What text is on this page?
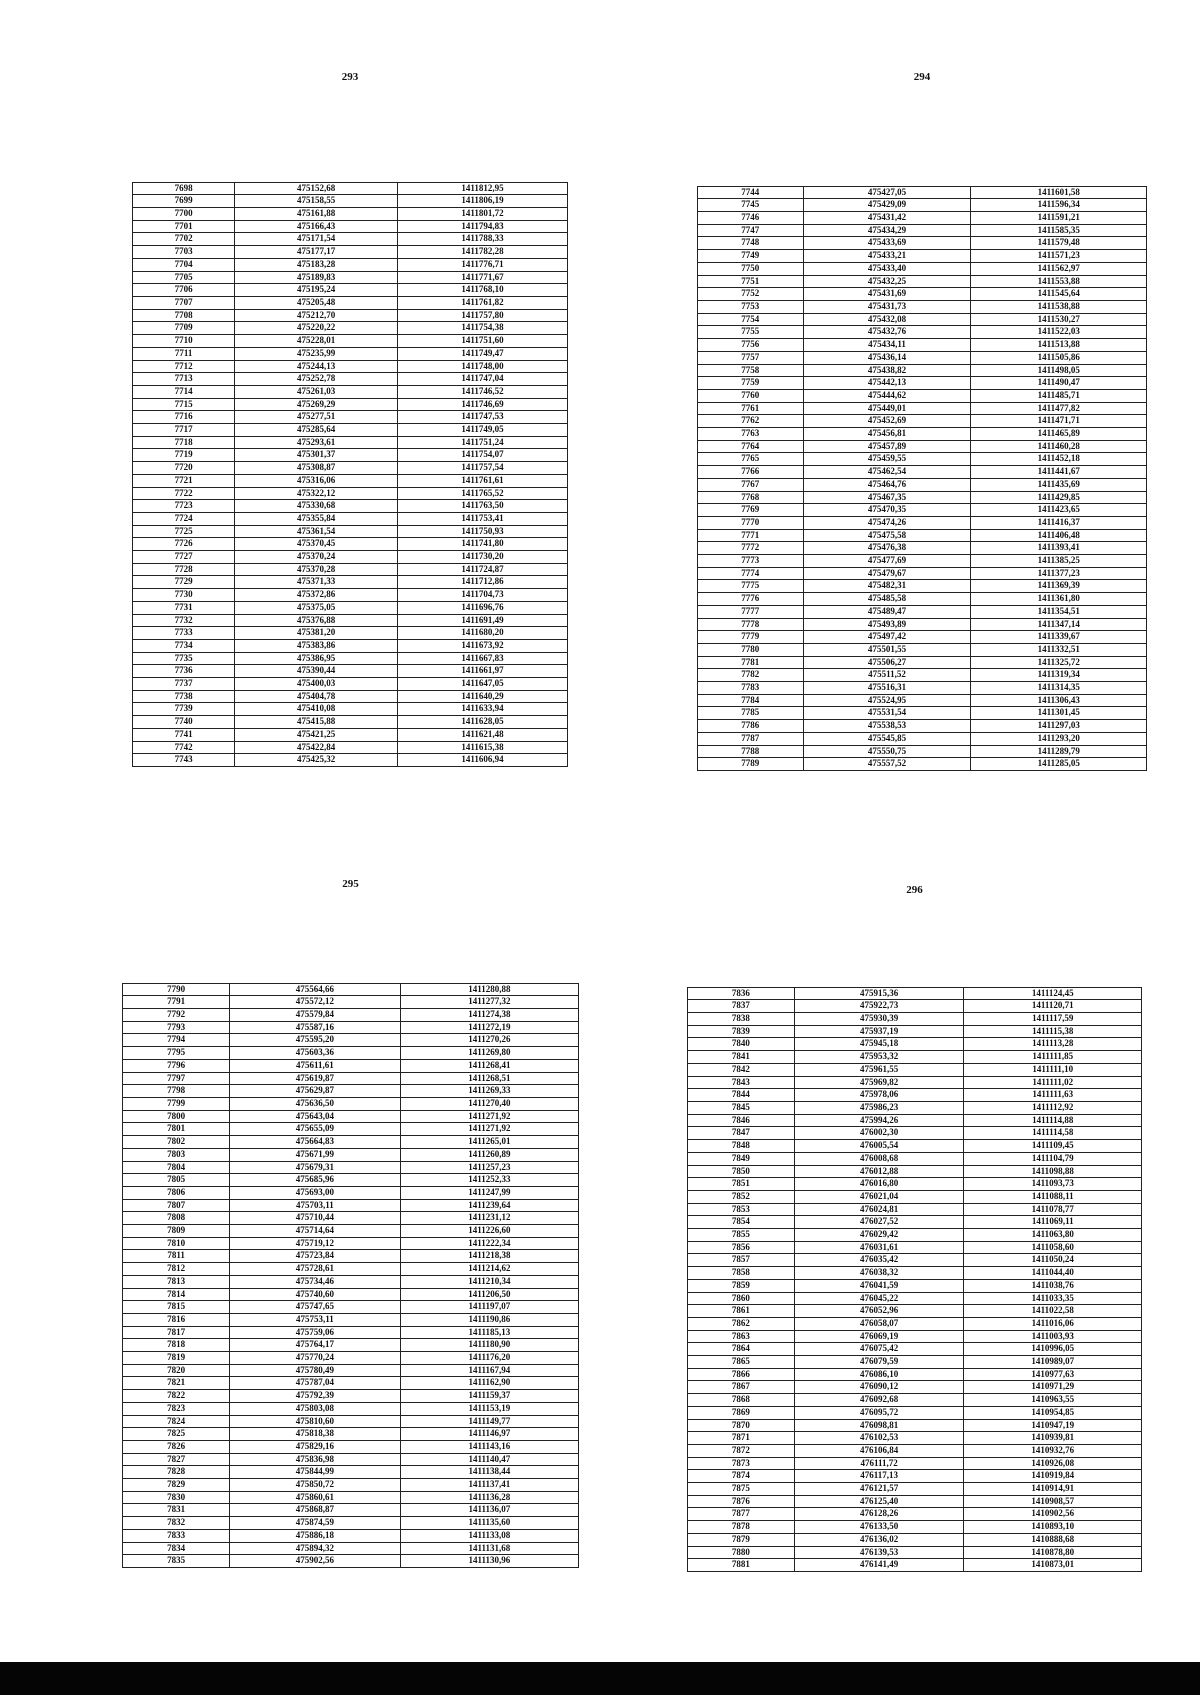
293
7698	475152,68	1411812,95
7699	475158,55	1411806,19
7700	475161,88	1411801,72
7701	475166,43	1411794,83
7702	475171,54	1411788,33
7703	475177,17	1411782,28
7704	475183,28	1411776,71
7705	475189,83	1411771,67
7706	475195,24	1411768,10
7707	475205,48	1411761,82
7708	475212,70	1411757,80
7709	475220,22	1411754,38
7710	475228,01	1411751,60
7711	475235,99	1411749,47
7712	475244,13	1411748,00
7713	475252,78	1411747,04
7714	475261,03	1411746,52
7715	475269,29	1411746,69
7716	475277,51	1411747,53
7717	475285,64	1411749,05
7718	475293,61	1411751,24
7719	475301,37	1411754,07
7720	475308,87	1411757,54
7721	475316,06	1411761,61
7722	475322,12	1411765,52
7723	475330,68	1411763,50
7724	475355,84	1411753,41
7725	475361,54	1411750,93
7726	475370,45	1411741,80
7727	475370,24	1411730,20
7728	475370,28	1411724,87
7729	475371,33	1411712,86
7730	475372,86	1411704,73
7731	475375,05	1411696,76
7732	475376,88	1411691,49
7733	475381,20	1411680,20
7734	475383,86	1411673,92
7735	475386,95	1411667,83
7736	475390,44	1411661,97
7737	475400,03	1411647,05
7738	475404,78	1411640,29
7739	475410,08	1411633,94
7740	475415,88	1411628,05
7741	475421,25	1411621,48
7742	475422,84	1411615,38
7743	475425,32	1411606,94
294
7744	475427,05	1411601,58
7745	475429,09	1411596,34
7746	475431,42	1411591,21
7747	475434,29	1411585,35
7748	475433,69	1411579,48
7749	475433,21	1411571,23
7750	475433,40	1411562,97
7751	475432,25	1411553,88
7752	475431,69	1411545,64
7753	475431,73	1411538,88
7754	475432,08	1411530,27
7755	475432,76	1411522,03
7756	475434,11	1411513,88
7757	475436,14	1411505,86
7758	475438,82	1411498,05
7759	475442,13	1411490,47
7760	475444,62	1411485,71
7761	475449,01	1411477,82
7762	475452,69	1411471,71
7763	475456,81	1411465,89
7764	475457,89	1411460,28
7765	475459,55	1411452,18
7766	475462,54	1411441,67
7767	475464,76	1411435,69
7768	475467,35	1411429,85
7769	475470,35	1411423,65
7770	475474,26	1411416,37
7771	475475,58	1411406,48
7772	475476,38	1411393,41
7773	475477,69	1411385,25
7774	475479,67	1411377,23
7775	475482,31	1411369,39
7776	475485,58	1411361,80
7777	475489,47	1411354,51
7778	475493,89	1411347,14
7779	475497,42	1411339,67
7780	475501,55	1411332,51
7781	475506,27	1411325,72
7782	475511,52	1411319,34
7783	475516,31	1411314,35
7784	475524,95	1411306,43
7785	475531,54	1411301,45
7786	475538,53	1411297,03
7787	475545,85	1411293,20
7788	475550,75	1411289,79
7789	475557,52	1411285,05
295
7790	475564,66	1411280,88
7791	475572,12	1411277,32
7792	475579,84	1411274,38
7793	475587,16	1411272,19
7794	475595,20	1411270,26
7795	475603,36	1411269,80
7796	475611,61	1411268,41
7797	475619,87	1411268,51
7798	475629,87	1411269,33
7799	475636,50	1411270,40
7800	475643,04	1411271,92
7801	475655,09	1411271,92
7802	475664,83	1411265,01
7803	475671,99	1411260,89
7804	475679,31	1411257,23
7805	475685,96	1411252,33
7806	475693,00	1411247,99
7807	475703,11	1411239,64
7808	475710,44	1411231,12
7809	475714,64	1411226,60
7810	475719,12	1411222,34
7811	475723,84	1411218,38
7812	475728,61	1411214,62
7813	475734,46	1411210,34
7814	475740,60	1411206,50
7815	475747,65	1411197,07
7816	475753,11	1411190,86
7817	475759,06	1411185,13
7818	475764,17	1411180,90
7819	475770,24	1411176,20
7820	475780,49	1411167,94
7821	475787,04	1411162,90
7822	475792,39	1411159,37
7823	475803,08	1411153,19
7824	475810,60	1411149,77
7825	475818,38	1411146,97
7826	475829,16	1411143,16
7827	475836,98	1411140,47
7828	475844,99	1411138,44
7829	475850,72	1411137,41
7830	475860,61	1411136,28
7831	475868,87	1411136,07
7832	475874,59	1411135,60
7833	475886,18	1411133,08
7834	475894,32	1411131,68
7835	475902,56	1411130,96
296
7836	475915,36	1411124,45
7837	475922,73	1411120,71
7838	475930,39	1411117,59
7839	475937,19	1411115,38
7840	475945,18	1411113,28
7841	475953,32	1411111,85
7842	475961,55	1411111,10
7843	475969,82	1411111,02
7844	475978,06	1411111,63
7845	475986,23	1411112,92
7846	475994,26	1411114,88
7847	476002,30	1411114,58
7848	476005,54	1411109,45
7849	476008,68	1411104,79
7850	476012,88	1411098,88
7851	476016,80	1411093,73
7852	476021,04	1411088,11
7853	476024,81	1411078,77
7854	476027,52	1411069,11
7855	476029,42	1411063,80
7856	476031,61	1411058,60
7857	476035,42	1411050,24
7858	476038,32	1411044,40
7859	476041,59	1411038,76
7860	476045,22	1411033,35
7861	476052,96	1411022,58
7862	476058,07	1411016,06
7863	476069,19	1411003,93
7864	476075,42	1410996,05
7865	476079,59	1410989,07
7866	476086,10	1410977,63
7867	476090,12	1410971,29
7868	476092,68	1410963,55
7869	476095,72	1410954,85
7870	476098,81	1410947,19
7871	476102,53	1410939,81
7872	476106,84	1410932,76
7873	476111,72	1410926,08
7874	476117,13	1410919,84
7875	476121,57	1410914,91
7876	476125,40	1410908,57
7877	476128,26	1410902,56
7878	476133,50	1410893,10
7879	476136,02	1410888,68
7880	476139,53	1410878,80
7881	476141,49	1410873,01
